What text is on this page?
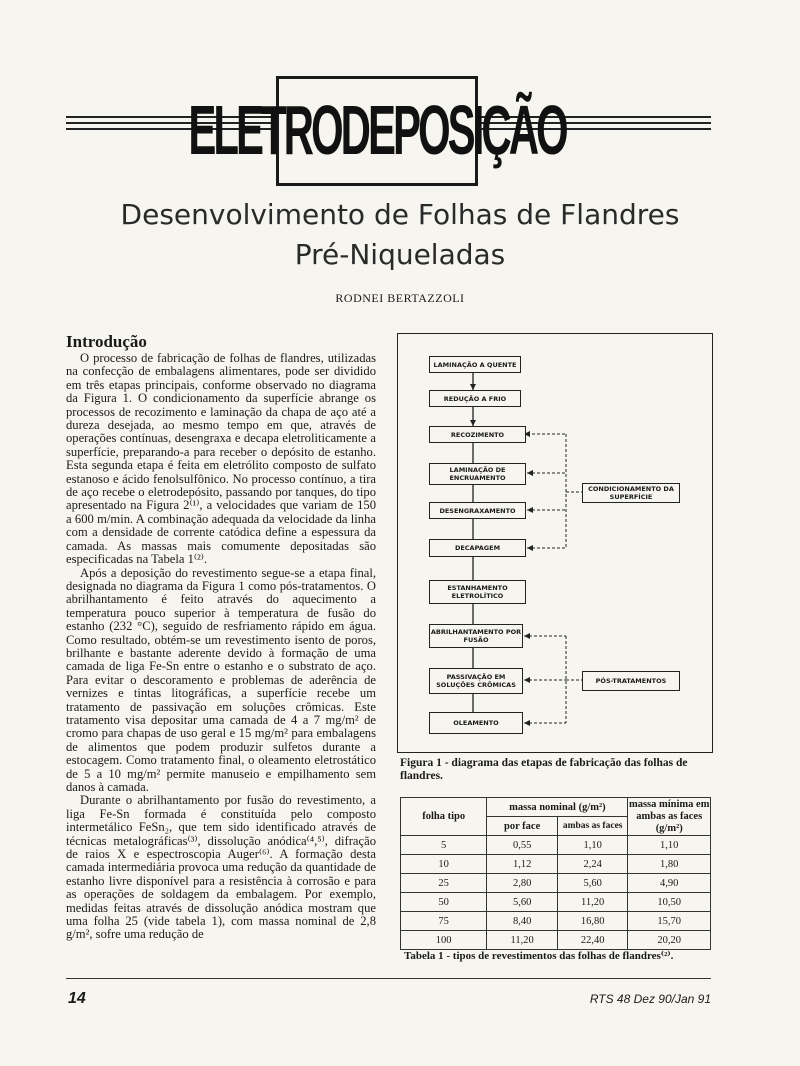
ELETRODEPOSIÇÃO
Desenvolvimento de Folhas de Flandres
Pré-Niqueladas
RODNEI BERTAZZOLI
Introdução

O processo de fabricação de folhas de flandres, utilizadas na confecção de embalagens alimentares, pode ser dividido em três etapas principais, conforme observado no diagrama da Figura 1. O condicionamento da superfície abrange os processos de recozimento e laminação da chapa de aço até a dureza desejada, ao mesmo tempo em que, através de operações contínuas, desengraxa e decapa eletroliticamente a superfície, preparando-a para receber o depósito de estanho. Esta segunda etapa é feita em eletrólito composto de sulfato estanoso e ácido fenolsulfônico. No processo contínuo, a tira de aço recebe o eletrodepósito, passando por tanques, do tipo apresentado na Figura 2⁽¹⁾, a velocidades que variam de 150 a 600 m/min. A combinação adequada da velocidade da linha com a densidade de corrente catódica define a espessura da camada. As massas mais comumente depositadas são especificadas na Tabela 1⁽²⁾.

Após a deposição do revestimento segue-se a etapa final, designada no diagrama da Figura 1 como pós-tratamentos. O abrilhantamento é feito através do aquecimento a temperatura pouco superior à temperatura de fusão do estanho (232 °C), seguido de resfriamento rápido em água. Como resultado, obtém-se um revestimento isento de poros, brilhante e bastante aderente devido à formação de uma camada de liga Fe-Sn entre o estanho e o substrato de aço. Para evitar o descoramento e problemas de aderência de vernizes e tintas litográficas, a superfície recebe um tratamento de passivação em soluções crômicas. Este tratamento visa depositar uma camada de 4 a 7 mg/m² de cromo para chapas de uso geral e 15 mg/m² para embalagens de alimentos que podem produzir sulfetos durante a estocagem. Como tratamento final, o oleamento eletrostático de 5 a 10 mg/m² permite manuseio e empilhamento sem danos à camada.

Durante o abrilhantamento por fusão do revestimento, a liga Fe-Sn formada é constituída pelo composto intermetálico FeSn₂, que tem sido identificado através de técnicas metalográficas⁽³⁾, dissolução anódica⁽⁴,⁵⁾, difração de raios X e espectroscopia Auger⁽⁶⁾. A formação desta camada intermediária provoca uma redução da quantidade de estanho livre disponível para a resistência à corrosão e para as operações de soldagem da embalagem. Por exemplo, medidas feitas através de dissolução anódica mostram que uma folha 25 (vide tabela 1), com massa nominal de 2,8 g/m², sofre uma redução de

LAMINAÇÃO A QUENTE
REDUÇÃO A FRIO
RECOZIMENTO
LAMINAÇÃO DE ENCRUAMENTO
DESENGRAXAMENTO
DECAPAGEM
ESTANHAMENTO ELETROLÍTICO
ABRILHANTAMENTO POR FUSÃO
PASSIVAÇÃO EM SOLUÇÕES CRÔMICAS
OLEAMENTO
CONDICIONAMENTO DA SUPERFÍCIE
PÓS-TRATAMENTOS
Figura 1 - diagrama das etapas de fabricação das folhas de flandres.
folha tipo	massa nominal (g/m²)		massa mínima em ambas as faces (g/m²)
	por face	ambas as faces	
5	0,55	1,10	1,10
10	1,12	2,24	1,80
25	2,80	5,60	4,90
50	5,60	11,20	10,50
75	8,40	16,80	15,70
100	11,20	22,40	20,20
Tabela 1 - tipos de revestimentos das folhas de flandres⁽²⁾.
14	RTS 48 Dez 90/Jan 91
